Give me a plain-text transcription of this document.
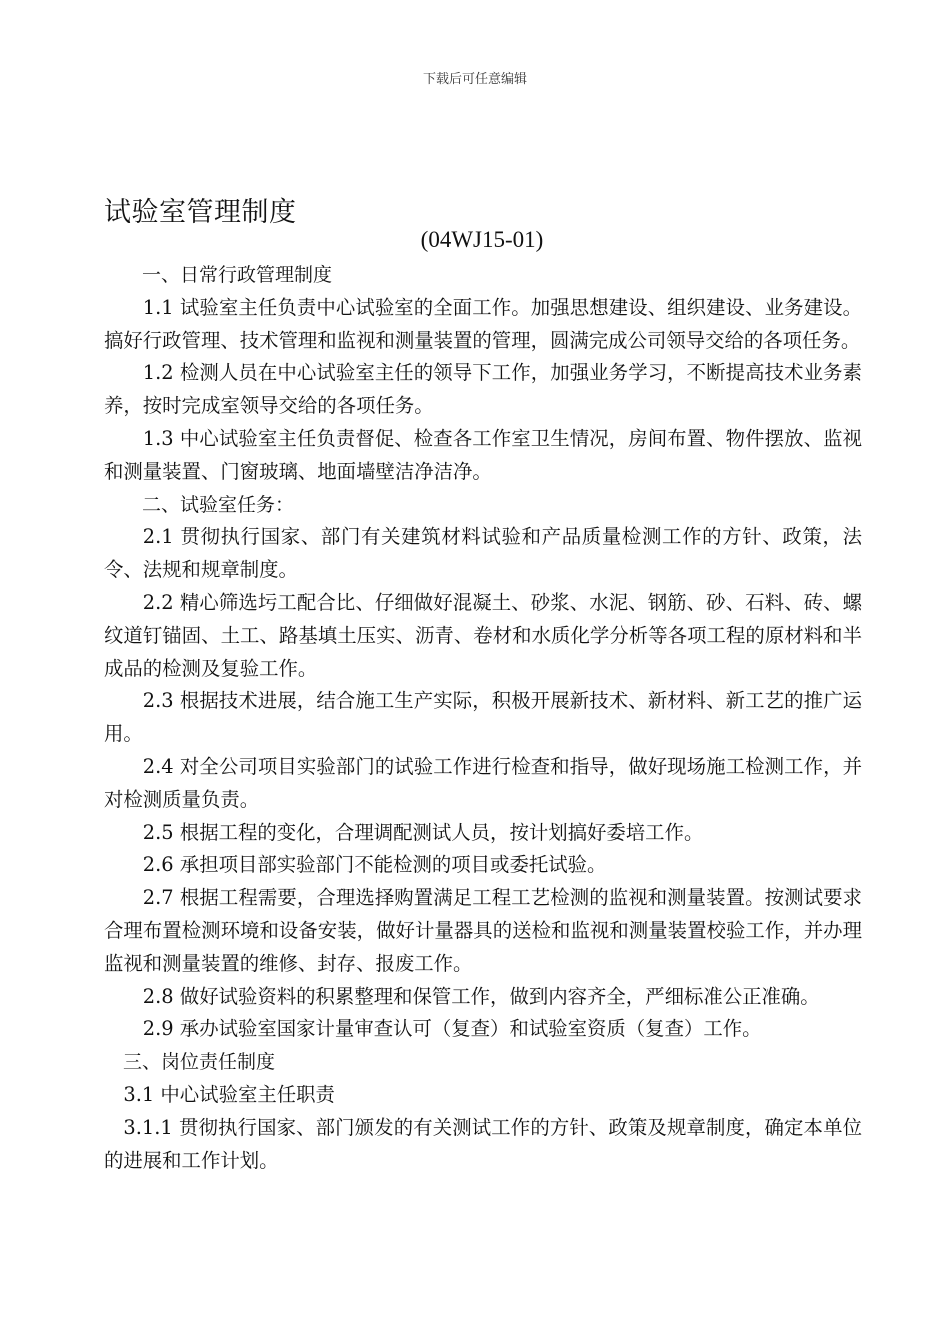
下载后可任意编辑
试验室管理制度
(04WJ15-01)

一、日常行政管理制度

1.1 试验室主任负责中心试验室的全面工作。加强思想建设、组织建设、业务建设。搞好行政管理、技术管理和监视和测量装置的管理，圆满完成公司领导交给的各项任务。

1.2 检测人员在中心试验室主任的领导下工作，加强业务学习，不断提高技术业务素养，按时完成室领导交给的各项任务。

1.3 中心试验室主任负责督促、检查各工作室卫生情况，房间布置、物件摆放、监视和测量装置、门窗玻璃、地面墙壁洁净洁净。

二、试验室任务：

2.1 贯彻执行国家、部门有关建筑材料试验和产品质量检测工作的方针、政策，法令、法规和规章制度。

2.2 精心筛选圬工配合比、仔细做好混凝土、砂浆、水泥、钢筋、砂、石料、砖、螺纹道钉锚固、土工、路基填土压实、沥青、卷材和水质化学分析等各项工程的原材料和半成品的检测及复验工作。

2.3 根据技术进展，结合施工生产实际，积极开展新技术、新材料、新工艺的推广运用。

2.4 对全公司项目实验部门的试验工作进行检查和指导，做好现场施工检测工作，并对检测质量负责。

2.5 根据工程的变化，合理调配测试人员，按计划搞好委培工作。

2.6 承担项目部实验部门不能检测的项目或委托试验。

2.7 根据工程需要，合理选择购置满足工程工艺检测的监视和测量装置。按测试要求合理布置检测环境和设备安装，做好计量器具的送检和监视和测量装置校验工作，并办理监视和测量装置的维修、封存、报废工作。

2.8 做好试验资料的积累整理和保管工作，做到内容齐全，严细标准公正准确。

2.9 承办试验室国家计量审查认可（复查）和试验室资质（复查）工作。

三、岗位责任制度

3.1 中心试验室主任职责

3.1.1 贯彻执行国家、部门颁发的有关测试工作的方针、政策及规章制度，确定本单位的进展和工作计划。
